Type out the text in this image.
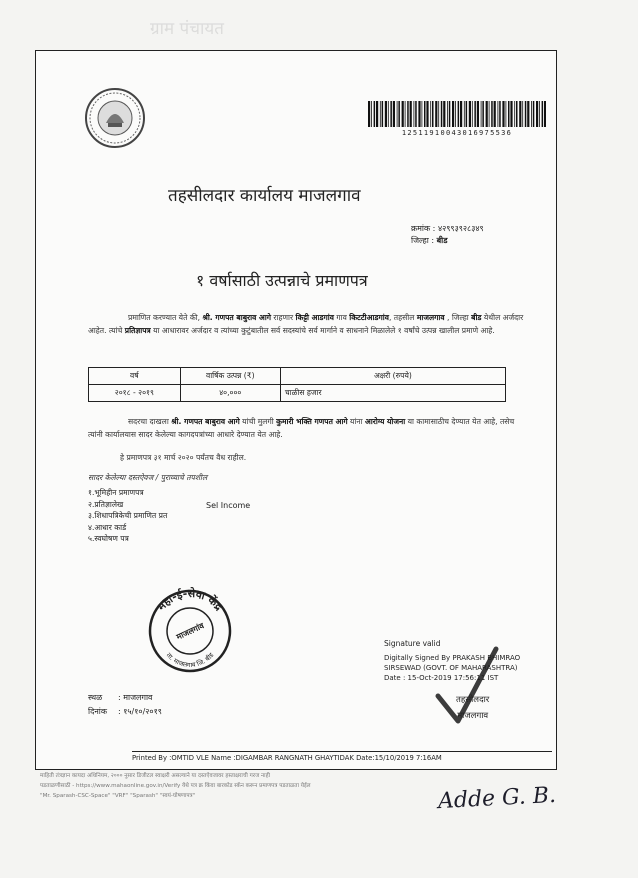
ग्राम पंचायत
12511910043016975536
तहसीलदार कार्यालय माजलगाव
क्रमांक : ४२९९३९२८३४९
जिल्हा : बीड
१ वर्षासाठी उत्पन्नाचे प्रमाणपत्र
प्रमाणित करण्यात येते की, श्री. गणपत बाबुराव आगे राहणार किट्टी आडगांव गाव किटटीआडगांव, तहसील माजलगाव , जिल्हा बीड येथील अर्जदार आहेत. त्यांचे प्रतिज्ञापत्र या आधारावर अर्जदार व त्यांच्या कुटुंबातील सर्व सदस्यांचे सर्व मार्गाने व साधनाने मिळालेले १ वर्षांचे उत्पन्न खालील प्रमाणे आहे.
वर्ष	वार्षिक उत्पन्न (₹)	अक्षरी (रुपये)
२०१८ - २०१९	४०,०००	चाळीस हजार
सदरचा दाखला श्री. गणपत बाबुराव आगे यांची मुलगी कुमारी भक्ति गणपत आगे यांना आरोग्य योजना या कामासाठीच देण्यात येत आहे, तसेच त्यांनी कार्यालयास सादर केलेल्या कागदपत्रांच्या आधारे देण्यात येत आहे.
हे प्रमाणपत्र ३१ मार्च २०२० पर्यंतच वैध राहील.
सादर केलेल्या दस्तऐवज / पुराव्याचे तपशील
१.भूमिहीन प्रमाणपत्र
२.प्रतिज्ञालेख
३.शिधापत्रिकेची प्रमाणित प्रत
४.आधार कार्ड
५.स्वघोषण पत्र
Sel Income
महा-ई-सेवा केंद्र
माजलगांव
ता. माजलगाव जि. बीड
Signature valid
Digitally Signed By PRAKASH BHIMRAO
SIRSEWAD (GOVT. OF MAHARASHTRA)
Date : 15-Oct-2019 17:56:11 IST
तहसीलदार
माजलगाव
स्थळ : माजलगाव
दिनांक : १५/१०/२०१९
Printed By :OMTID VLE Name :DIGAMBAR RANGNATH GHAYTIDAK Date:15/10/2019 7:16AM
माहिती तंत्रज्ञान कायदा अधिनियम, २००० नुसार डिजीटल स्वाक्षरी असल्याने या दस्तऐवजावर हस्ताक्षराची गरज नाही
पडताळणीसाठी - https://www.mahaonline.gov.in/Verify येथे पत्र क्र किंवा बारकोड स्कॅन करून प्रमाणपत्र पडताळता येईल
"Mr. Sparash-CSC-Space" "VRF" "Sparash" "स्वयं-घोषणापत्र"	Adde G. B.
